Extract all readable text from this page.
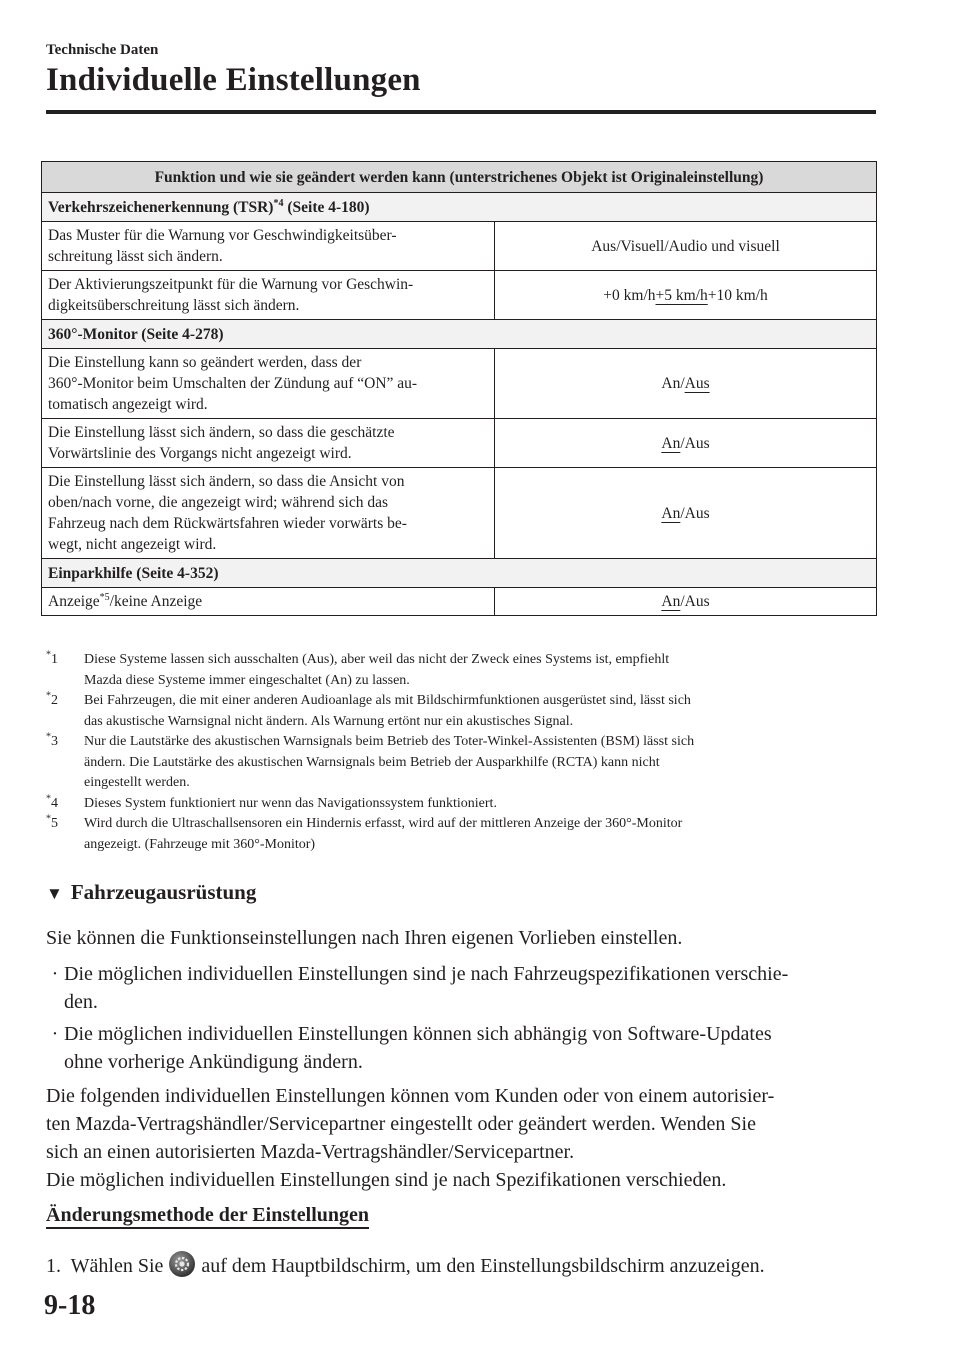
Technische Daten
Individuelle Einstellungen
Funktion und wie sie geändert werden kann (unterstrichenes Objekt ist Originaleinstellung)	
Verkehrszeichenerkennung (TSR)$^{*4}$ (Seite 4-180)	
Das Muster für die Warnung vor Geschwindigkeitsüber-
schreitung lässt sich ändern.	Aus/Visuell/Audio und visuell
Der Aktivierungszeitpunkt für die Warnung vor Geschwin-
digkeitsüberschreitung lässt sich ändern.	+0 km/h+5 km/h+10 km/h
360°-Monitor (Seite 4-278)	
Die Einstellung kann so geändert werden, dass der
360°-Monitor beim Umschalten der Zündung auf “ON” au-
tomatisch angezeigt wird.	An/Aus
Die Einstellung lässt sich ändern, so dass die geschätzte
Vorwärtslinie des Vorgangs nicht angezeigt wird.	An/Aus
Die Einstellung lässt sich ändern, so dass die Ansicht von
oben/nach vorne, die angezeigt wird; während sich das
Fahrzeug nach dem Rückwärtsfahren wieder vorwärts be-
wegt, nicht angezeigt wird.	An/Aus
Einparkhilfe (Seite 4-352)	
Anzeige$^{*5}$/keine Anzeige	An/Aus
*1	Diese Systeme lassen sich ausschalten (Aus), aber weil das nicht der Zweck eines Systems ist, empfiehlt
Mazda diese Systeme immer eingeschaltet (An) zu lassen.
*2	Bei Fahrzeugen, die mit einer anderen Audioanlage als mit Bildschirmfunktionen ausgerüstet sind, lässt sich
das akustische Warnsignal nicht ändern. Als Warnung ertönt nur ein akustisches Signal.
*3	Nur die Lautstärke des akustischen Warnsignals beim Betrieb des Toter-Winkel-Assistenten (BSM) lässt sich
ändern. Die Lautstärke des akustischen Warnsignals beim Betrieb der Ausparkhilfe (RCTA) kann nicht
eingestellt werden.
*4	Dieses System funktioniert nur wenn das Navigationssystem funktioniert.
*5	Wird durch die Ultraschallsensoren ein Hindernis erfasst, wird auf der mittleren Anzeige der 360°-Monitor
angezeigt. (Fahrzeuge mit 360°-Monitor)
▼ Fahrzeugausrüstung
Sie können die Funktionseinstellungen nach Ihren eigenen Vorlieben einstellen.
· Die möglichen individuellen Einstellungen sind je nach Fahrzeugspezifikationen verschie-
den.
· Die möglichen individuellen Einstellungen können sich abhängig von Software-Updates
ohne vorherige Ankündigung ändern.
Die folgenden individuellen Einstellungen können vom Kunden oder von einem autorisier-
ten Mazda-Vertragshändler/Servicepartner eingestellt oder geändert werden. Wenden Sie
sich an einen autorisierten Mazda-Vertragshändler/Servicepartner.
Die möglichen individuellen Einstellungen sind je nach Spezifikationen verschieden.
Änderungsmethode der Einstellungen
1. Wählen Sie auf dem Hauptbildschirm, um den Einstellungsbildschirm anzuzeigen.
9-18
